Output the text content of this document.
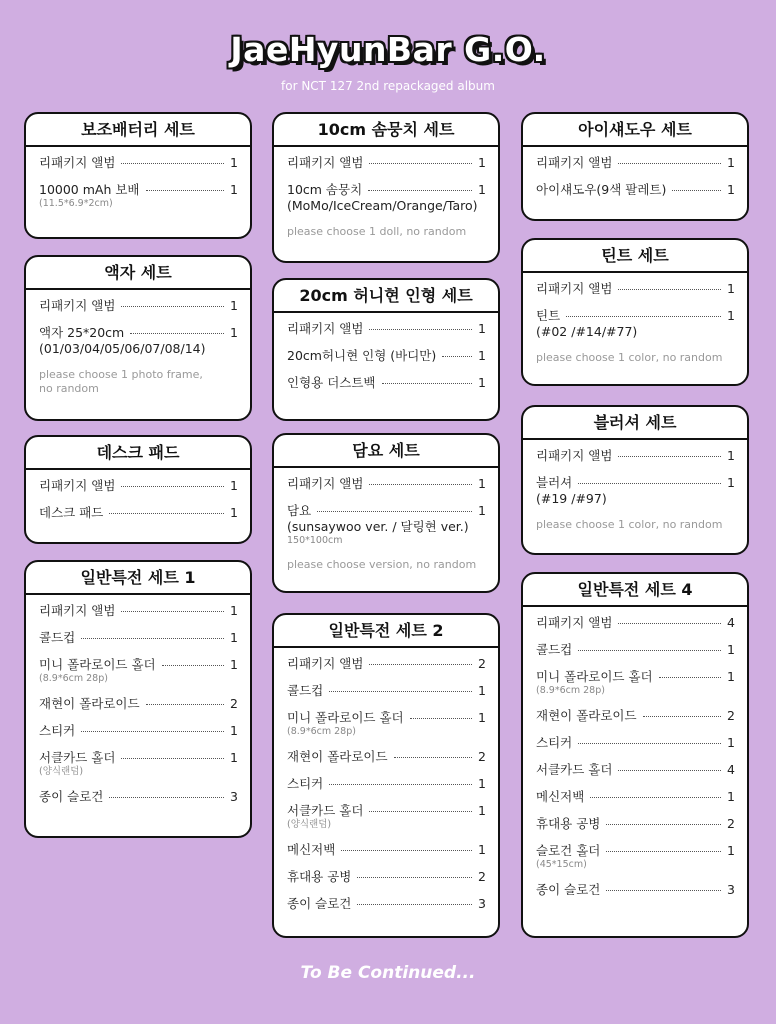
JaeHyunBar G.O.
for NCT 127 2nd repackaged album
보조배터리 세트
리패키지 앨범	1
10000 mAh 보배	1
(11.5*6.9*2cm)
액자 세트
리패키지 앨범	1
액자 25*20cm	1
(01/03/04/05/06/07/08/14)
please choose 1 photo frame,
no random
데스크 패드
리패키지 앨범	1
데스크 패드	1
일반특전 세트 1
리패키지 앨범	1
콜드컵	1
미니 폴라로이드 홀더	1
(8.9*6cm 28p)
재현이 폴라로이드	2
스티커	1
서클카드 홀더	1
(양식랜덤)
종이 슬로건	3
10cm 솜뭉치 세트
리패키지 앨범	1
10cm 솜뭉치	1
(MoMo/IceCream/Orange/Taro)
please choose 1 doll, no random
20cm 허니현 인형 세트
리패키지 앨범	1
20cm허니현 인형 (바디만)	1
인형용 더스트백	1
담요 세트
리패키지 앨범	1
담요	1
(sunsaywoo ver. / 달링현 ver.)
150*100cm
please choose version, no random
일반특전 세트 2
리패키지 앨범	2
콜드컵	1
미니 폴라로이드 홀더	1
(8.9*6cm 28p)
재현이 폴라로이드	2
스티커	1
서클카드 홀더	1
(양식랜덤)
메신저백	1
휴대용 공병	2
종이 슬로건	3
아이섀도우 세트
리패키지 앨범	1
아이섀도우(9색 팔레트)	1
틴트 세트
리패키지 앨범	1
틴트	1
(#02 /#14/#77)
please choose 1 color, no random
블러셔 세트
리패키지 앨범	1
블러셔	1
(#19 /#97)
please choose 1 color, no random
일반특전 세트 4
리패키지 앨범	4
콜드컵	1
미니 폴라로이드 홀더	1
(8.9*6cm 28p)
재현이 폴라로이드	2
스티커	1
서클카드 홀더	4
메신저백	1
휴대용 공병	2
슬로건 홀더	1
(45*15cm)
종이 슬로건	3
To Be Continued...
